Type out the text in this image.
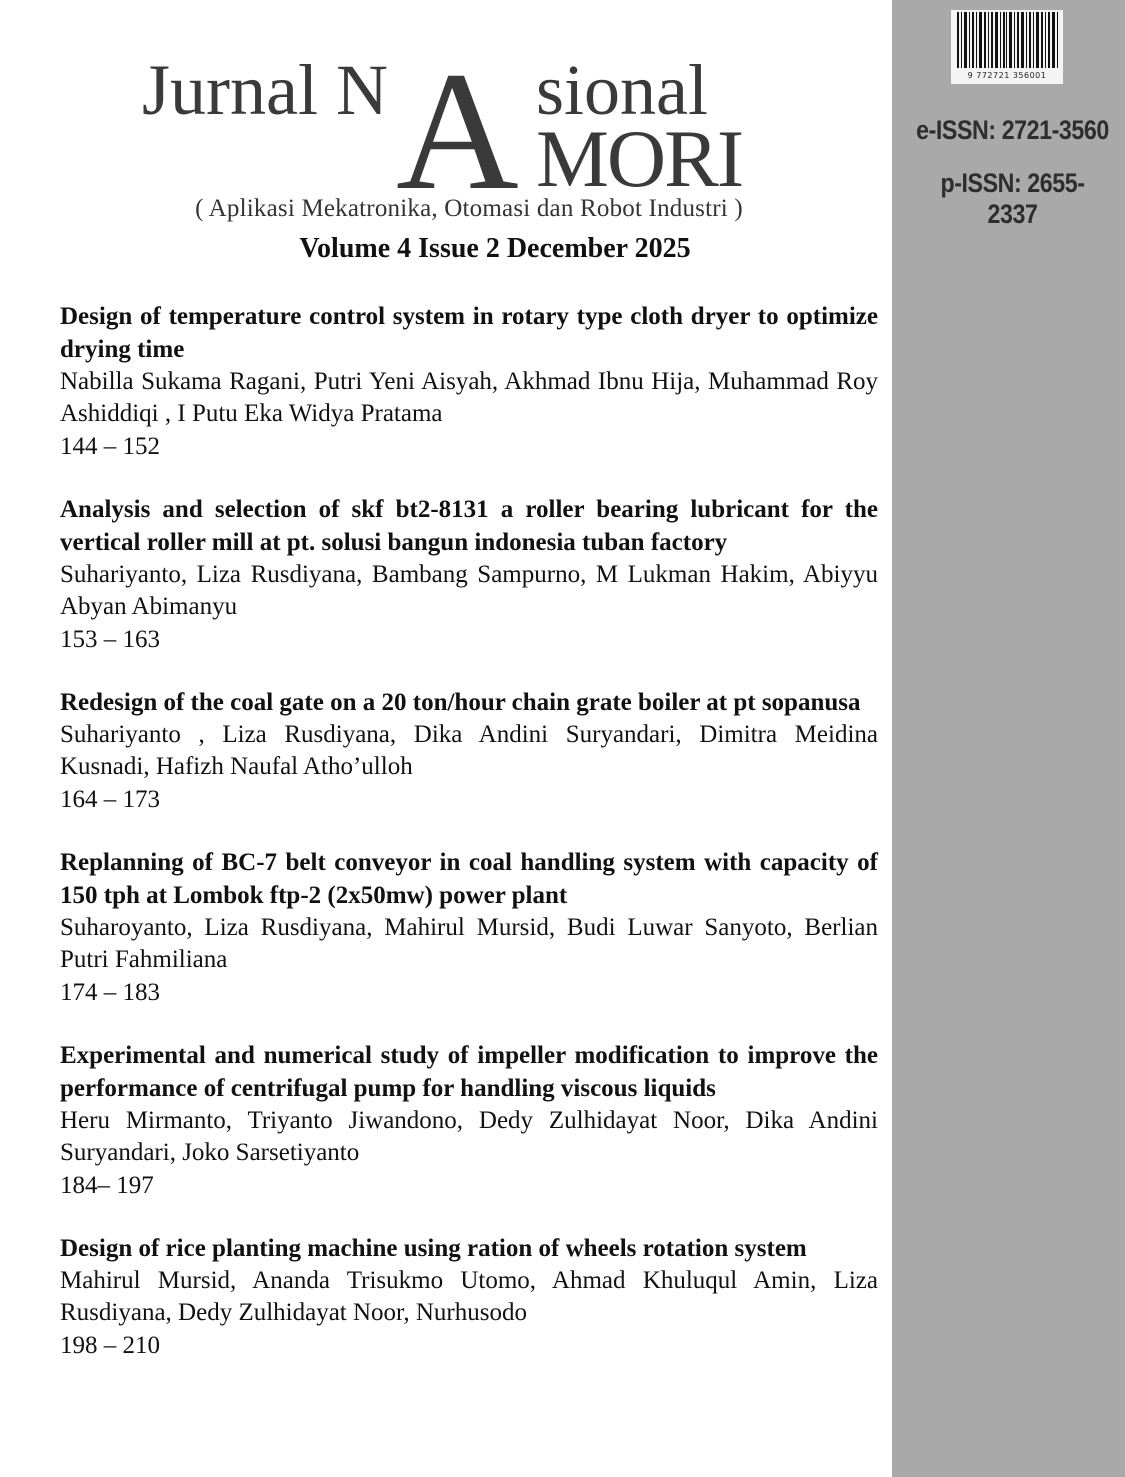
9 772721 356001
e-ISSN: 2721-3560
p-ISSN: 2655-2337
Jurnal N sional
A MORI
( Aplikasi Mekatronika, Otomasi dan Robot Industri )
Volume 4 Issue 2 December 2025
Design of temperature control system in rotary type cloth dryer to optimize drying time
Nabilla Sukama Ragani, Putri Yeni Aisyah, Akhmad Ibnu Hija, Muhammad Roy Ashiddiqi , I Putu Eka Widya Pratama
144 – 152
Analysis and selection of skf bt2-8131 a roller bearing lubricant for the vertical roller mill at pt. solusi bangun indonesia tuban factory
Suhariyanto, Liza Rusdiyana, Bambang Sampurno, M Lukman Hakim, Abiyyu Abyan Abimanyu
153 – 163
Redesign of the coal gate on a 20 ton/hour chain grate boiler at pt sopanusa
Suhariyanto , Liza Rusdiyana, Dika Andini Suryandari, Dimitra Meidina Kusnadi, Hafizh Naufal Atho’ulloh
164 – 173
Replanning of BC-7 belt conveyor in coal handling system with capacity of 150 tph at Lombok ftp-2 (2x50mw) power plant
Suharoyanto, Liza Rusdiyana, Mahirul Mursid, Budi Luwar Sanyoto, Berlian Putri Fahmiliana
174 – 183
Experimental and numerical study of impeller modification to improve the performance of centrifugal pump for handling viscous liquids
Heru Mirmanto, Triyanto Jiwandono, Dedy Zulhidayat Noor, Dika Andini Suryandari, Joko Sarsetiyanto
184– 197
Design of rice planting machine using ration of wheels rotation system
Mahirul Mursid, Ananda Trisukmo Utomo, Ahmad Khuluqul Amin, Liza Rusdiyana, Dedy Zulhidayat Noor, Nurhusodo
198 – 210
